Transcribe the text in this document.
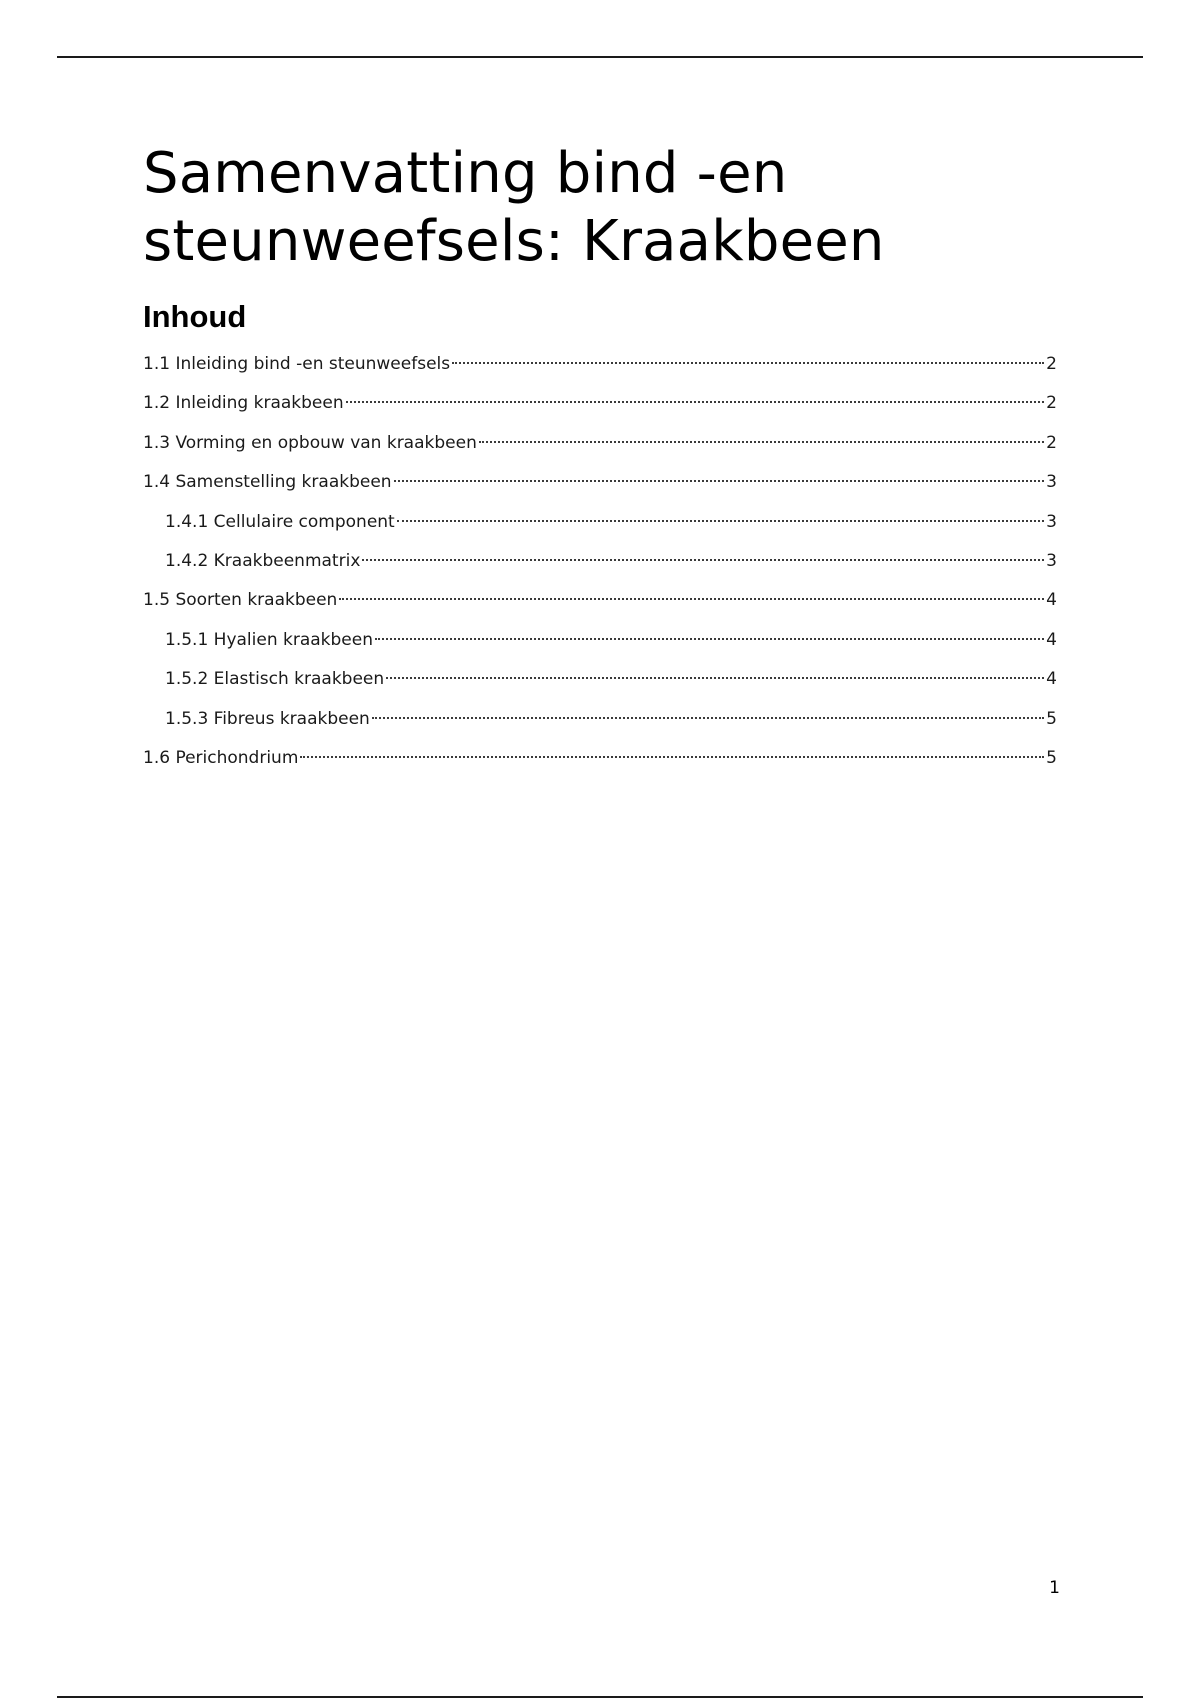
Samenvatting bind -en steunweefsels: Kraakbeen
Inhoud
1.1 Inleiding bind -en steunweefsels	2
1.2 Inleiding kraakbeen	2
1.3 Vorming en opbouw van kraakbeen	2
1.4 Samenstelling kraakbeen	3
1.4.1 Cellulaire component	3
1.4.2 Kraakbeenmatrix	3
1.5 Soorten kraakbeen	4
1.5.1 Hyalien kraakbeen	4
1.5.2 Elastisch kraakbeen	4
1.5.3 Fibreus kraakbeen	5
1.6 Perichondrium	5
1
